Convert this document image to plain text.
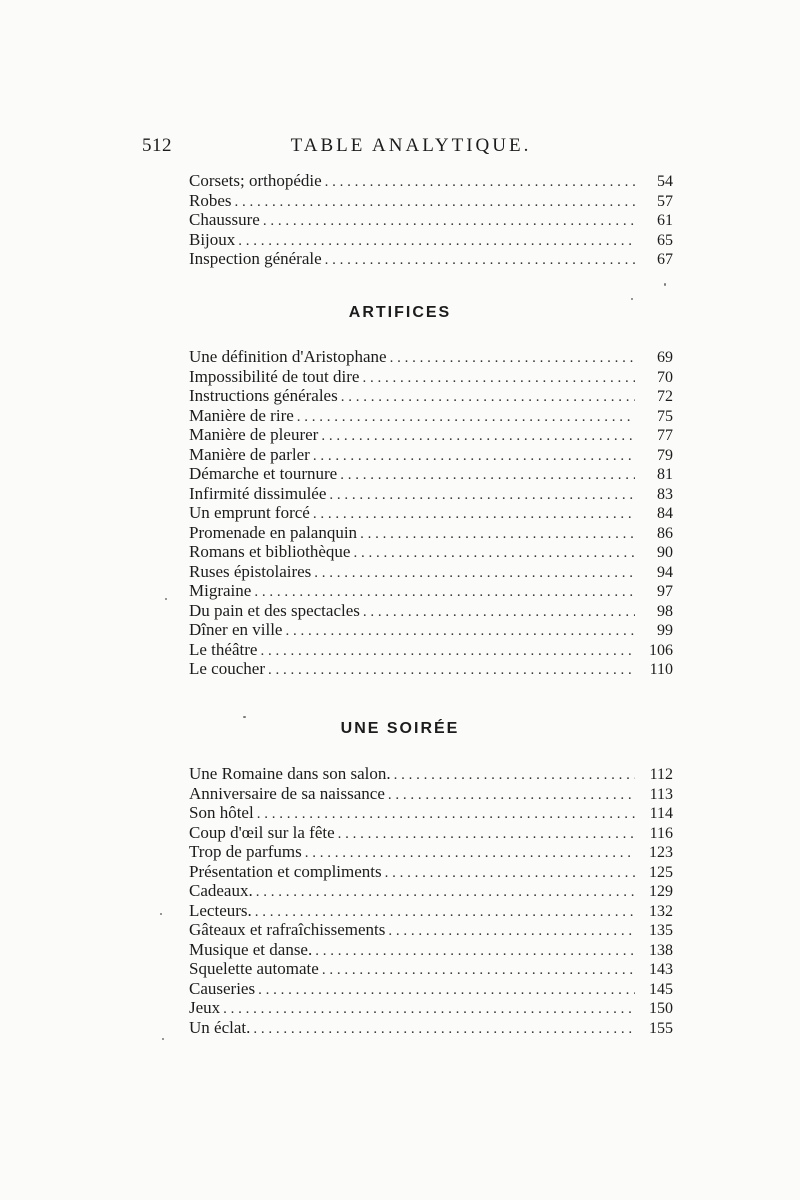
512	TABLE ANALYTIQUE.
Corsets; orthopédie . . .	54
Robes . . .	57
Chaussure . . .	61
Bijoux . . .	65
Inspection générale . . .	67
ARTIFICES
Une définition d'Aristophane . . .	69
Impossibilité de tout dire . . .	70
Instructions générales . . .	72
Manière de rire . . .	75
Manière de pleurer . . .	77
Manière de parler . . .	79
Démarche et tournure . . .	81
Infirmité dissimulée . . .	83
Un emprunt forcé . . .	84
Promenade en palanquin . . .	86
Romans et bibliothèque . . .	90
Ruses épistolaires . . .	94
Migraine . . .	97
Du pain et des spectacles . . .	98
Dîner en ville . . .	99
Le théâtre . . .	106
Le coucher . . .	110
UNE SOIRÉE
Une Romaine dans son salon. . . .	112
Anniversaire de sa naissance . . .	113
Son hôtel . . .	114
Coup d'œil sur la fête . . .	116
Trop de parfums . . .	123
Présentation et compliments . . .	125
Cadeaux. . . .	129
Lecteurs. . . .	132
Gâteaux et rafraîchissements . . .	135
Musique et danse. . . .	138
Squelette automate . . .	143
Causeries . . .	145
Jeux . . .	150
Un éclat. . . .	155
